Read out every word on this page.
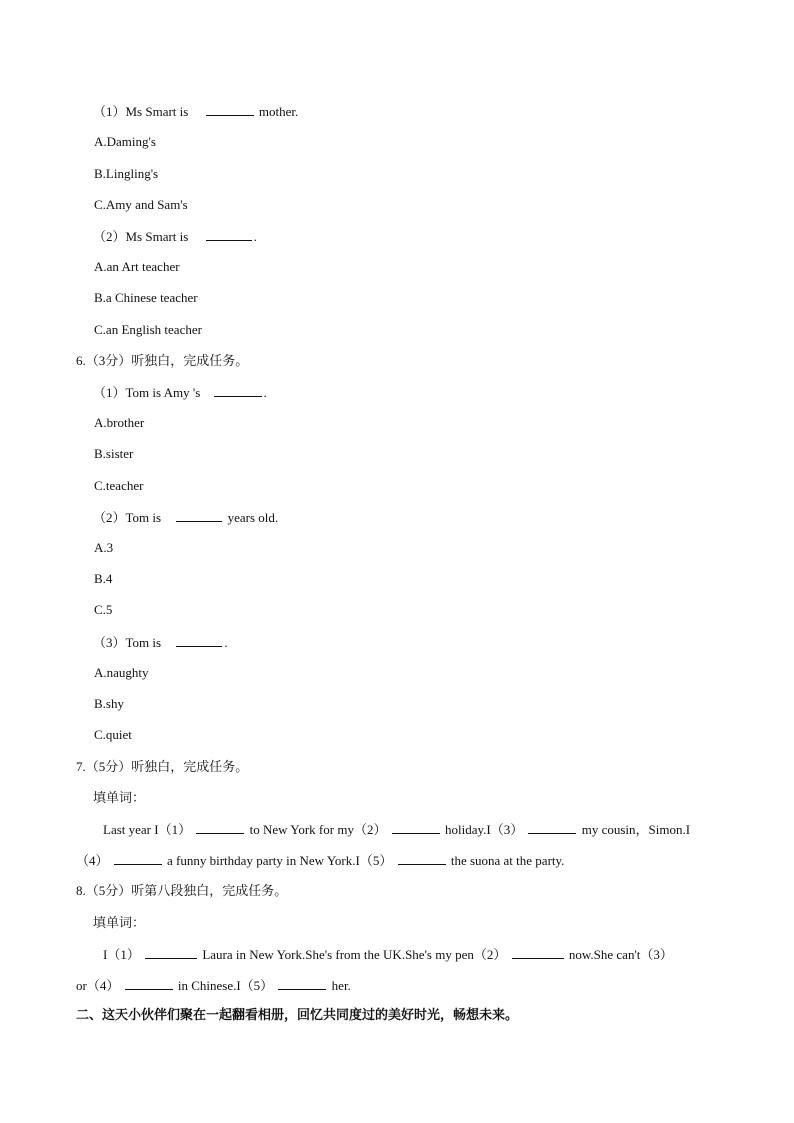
（1）Ms Smart is	mother.
A.Daming's
B.Lingling's
C.Amy and Sam's
（2）Ms Smart is	.
A.an Art teacher
B.a Chinese teacher
C.an English teacher
6.（3分）听独白，完成任务。
（1）Tom is Amy 's	.
A.brother
B.sister
C.teacher
（2）Tom is	years old.
A.3
B.4
C.5
（3）Tom is	.
A.naughty
B.shy
C.quiet
7.（5分）听独白，完成任务。
填单词：
Last year I（1）	to New York for my（2）	holiday.I（3）	my cousin，Simon.I
（4）	a funny birthday party in New York.I（5）	the suona at the party.
8.（5分）听第八段独白，完成任务。
填单词：
I（1）	Laura in New York.She's from the UK.She's my pen（2）	now.She can't（3）
or（4）	in Chinese.I（5）	her.
二、这天小伙伴们聚在一起翻看相册，回忆共同度过的美好时光，畅想未来。
